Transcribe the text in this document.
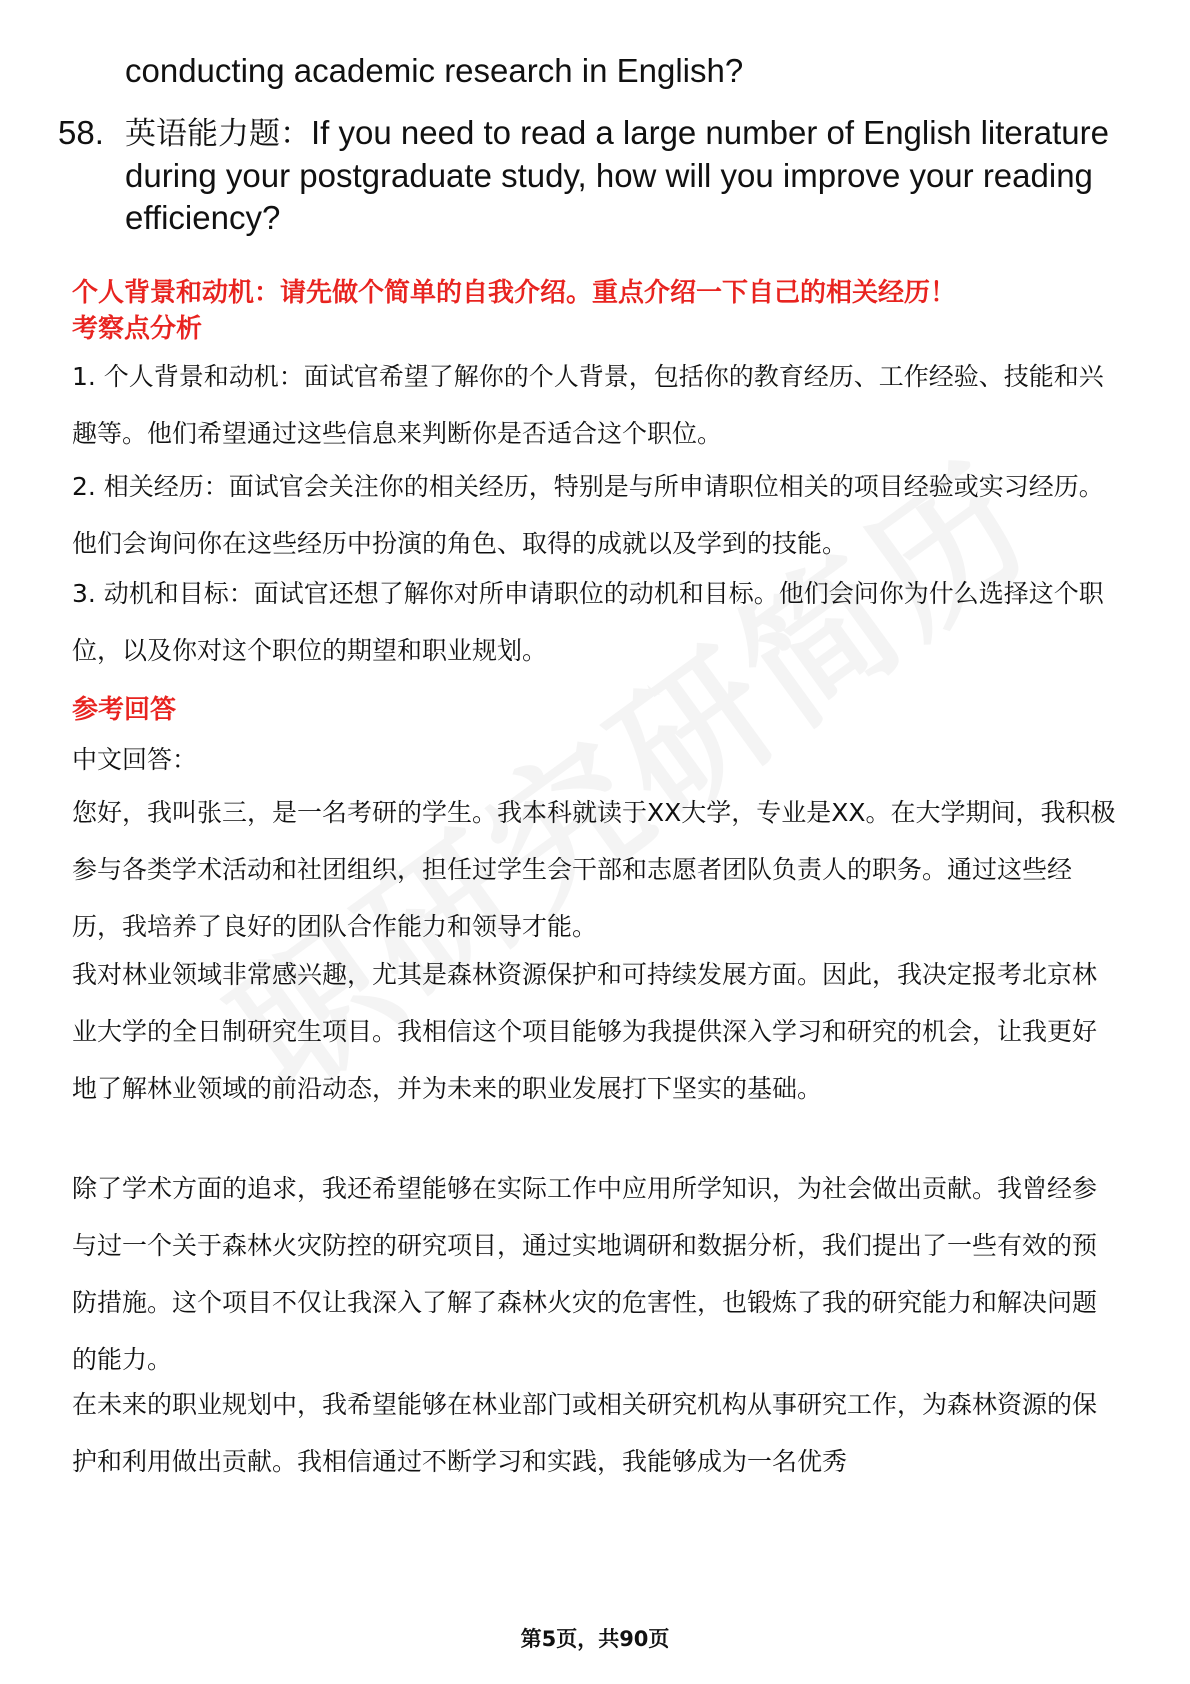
conducting academic research in English?
58. 英语能力题：If you need to read a large number of English literature during your postgraduate study, how will you improve your reading efficiency?
个人背景和动机：请先做个简单的自我介绍。重点介绍一下自己的相关经历！
考察点分析

1. 个人背景和动机：面试官希望了解你的个人背景，包括你的教育经历、工作经验、技能和兴趣等。他们希望通过这些信息来判断你是否适合这个职位。

2. 相关经历：面试官会关注你的相关经历，特别是与所申请职位相关的项目经验或实习经历。他们会询问你在这些经历中扮演的角色、取得的成就以及学到的技能。

3. 动机和目标：面试官还想了解你对所申请职位的动机和目标。他们会问你为什么选择这个职位，以及你对这个职位的期望和职业规划。

参考回答

中文回答：

您好，我叫张三，是一名考研的学生。我本科就读于XX大学，专业是XX。在大学期间，我积极参与各类学术活动和社团组织，担任过学生会干部和志愿者团队负责人的职务。通过这些经历，我培养了良好的团队合作能力和领导才能。

我对林业领域非常感兴趣，尤其是森林资源保护和可持续发展方面。因此，我决定报考北京林业大学的全日制研究生项目。我相信这个项目能够为我提供深入学习和研究的机会，让我更好地了解林业领域的前沿动态，并为未来的职业发展打下坚实的基础。

除了学术方面的追求，我还希望能够在实际工作中应用所学知识，为社会做出贡献。我曾经参与过一个关于森林火灾防控的研究项目，通过实地调研和数据分析，我们提出了一些有效的预防措施。这个项目不仅让我深入了解了森林火灾的危害性，也锻炼了我的研究能力和解决问题的能力。

在未来的职业规划中，我希望能够在林业部门或相关研究机构从事研究工作，为森林资源的保护和利用做出贡献。我相信通过不断学习和实践，我能够成为一名优秀

第5页，共90页
